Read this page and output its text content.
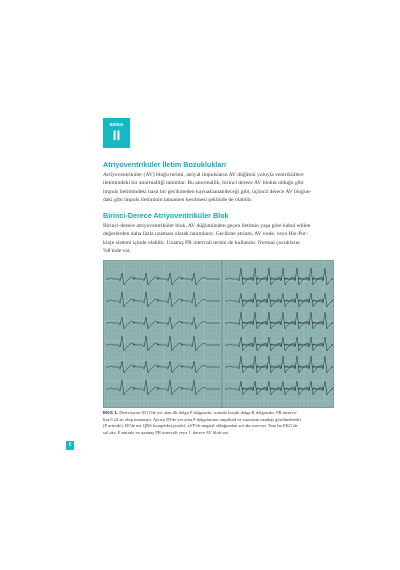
Bölüm
II
Atriyoventriküler İletim Bozuklukları
Atriyoventriküler (AV) bloğu terimi, atriyal impulsların AV düğümü yoluyla ventriküllere
iletimindeki bir anormalliği tanımlar. Bu anormallik, birinci derece AV blokta olduğu gibi
impuls iletimindeki basit bir gecikmeden kaynaklanabileceği gibi, üçüncü derece AV bloğun-
daki gibi impuls iletiminin tamamen kesilmesi şeklinde de olabilir.
Birinci-Derece Atriyoventriküler Blok
Birinci-derece atriyoventriküler blok, AV düğümünden geçen iletimin yaşa göre kabul edilen
değerlerden daha fazla uzaması olarak tanımlanır. Gecikme atrium, AV node, veya His-Pur-
kinje sistemi içinde olabilir. Uzamış PR intervali terimi de kullanılır. Normal çocukların
%8'inde var.
EKG 1. Derivasyon (D) I'de yer alan ilk dalga P dalgasıdır, sonraki küçük dalga R dalgasıdır. PR interva-
lini 0.24 sn olup uzamıştır. Ayrıca DI'de yer alan P dalgalarının amplitüd ve süresinin uzadığı görülmektedir
(P mitrale). DI'de net QRS kompleksi pozitif, aVF'de negatif olduğundan sol aks mevcut. Tanı bu EKG'de
sol aks, P mitrale ve uzamış PR intervali veya 1. derece AV blok var.
6
